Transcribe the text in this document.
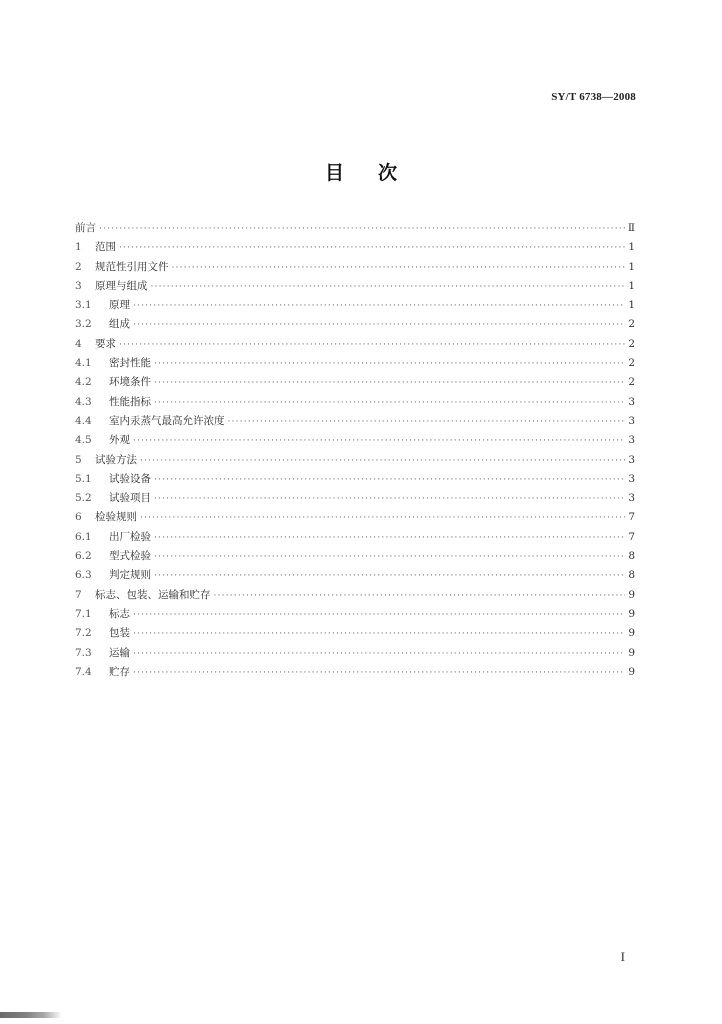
SY/T 6738—2008
目次
前言 ·····	Ⅱ
1	范围 ·····	1
2	规范性引用文件 ·····	1
3	原理与组成 ·····	1
3.1	原理 ·····	1
3.2	组成 ·····	2
4	要求 ·····	2
4.1	密封性能 ·····	2
4.2	环境条件 ·····	2
4.3	性能指标 ·····	3
4.4	室内汞蒸气最高允许浓度 ·····	3
4.5	外观 ·····	3
5	试验方法 ·····	3
5.1	试验设备 ·····	3
5.2	试验项目 ·····	3
6	检验规则 ·····	7
6.1	出厂检验 ·····	7
6.2	型式检验 ·····	8
6.3	判定规则 ·····	8
7	标志、包装、运输和贮存 ·····	9
7.1	标志 ·····	9
7.2	包装 ·····	9
7.3	运输 ·····	9
7.4	贮存 ·····	9
I
